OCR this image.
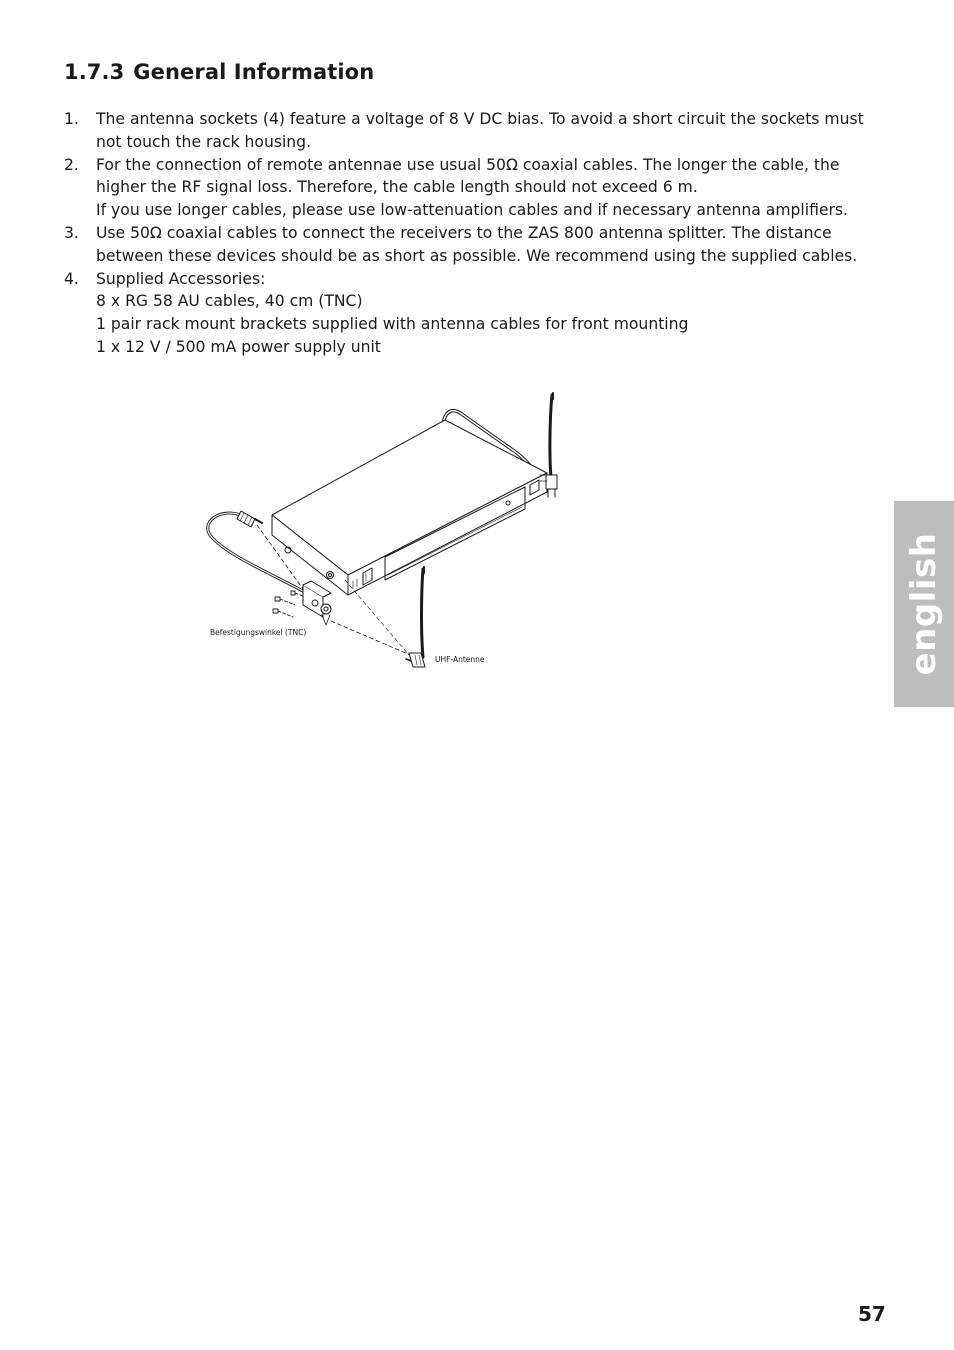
1.7.3 General Information
1.	The antenna sockets (4) feature a voltage of 8 V DC bias. To avoid a short circuit the sockets must not touch the rack housing.

2.	For the connection of remote antennae use usual 50Ω coaxial cables. The longer the cable, the higher the RF signal loss. Therefore, the cable length should not exceed 6 m.

If you use longer cables, please use low-attenuation cables and if necessary antenna amplifiers.

3.	Use 50Ω coaxial cables to connect the receivers to the ZAS 800 antenna splitter. The distance between these devices should be as short as possible. We recommend using the supplied cables.

4.	Supplied Accessories:

8 x RG 58 AU cables, 40 cm (TNC)

1 pair rack mount brackets supplied with antenna cables for front mounting

1 x 12 V / 500 mA power supply unit

Befestigungswinkel (TNC)
UHF-Antenne	english
57
